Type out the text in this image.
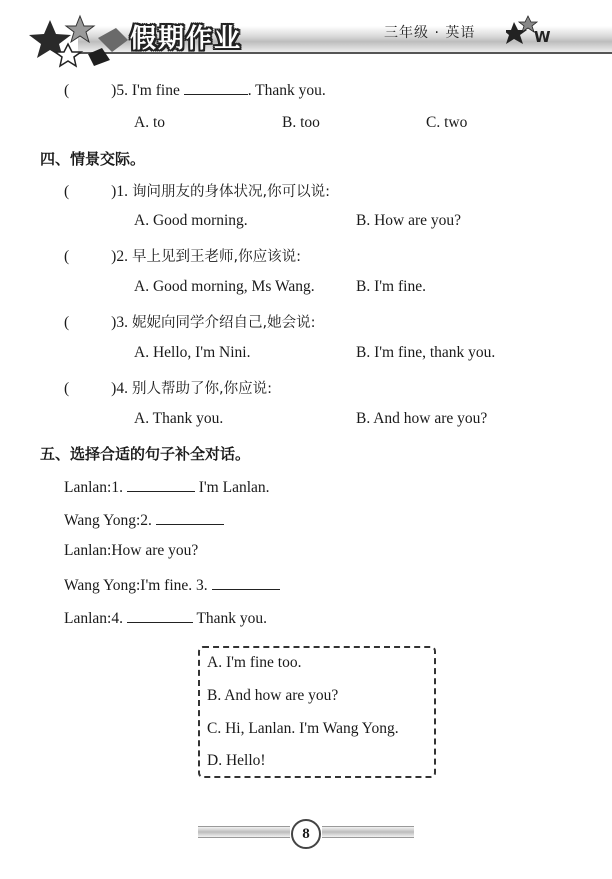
假期作业	三年级 · 英语	W
(	)5. I'm fine	. Thank you.
A. to	B. too	C. two
四、情景交际。
(	)1. 询问朋友的身体状况,你可以说:
A. Good morning.	B. How are you?
(	)2. 早上见到王老师,你应该说:
A. Good morning, Ms Wang.	B. I'm fine.
(	)3. 妮妮向同学介绍自己,她会说:
A. Hello, I'm Nini.	B. I'm fine, thank you.
(	)4. 别人帮助了你,你应说:
A. Thank you.	B. And how are you?
五、选择合适的句子补全对话。
Lanlan:1.	I'm Lanlan.
Wang Yong:2.
Lanlan:How are you?
Wang Yong:I'm fine. 3.
Lanlan:4.	Thank you.
A. I'm fine too.
B. And how are you?
C. Hi, Lanlan. I'm Wang Yong.
D. Hello!
8
